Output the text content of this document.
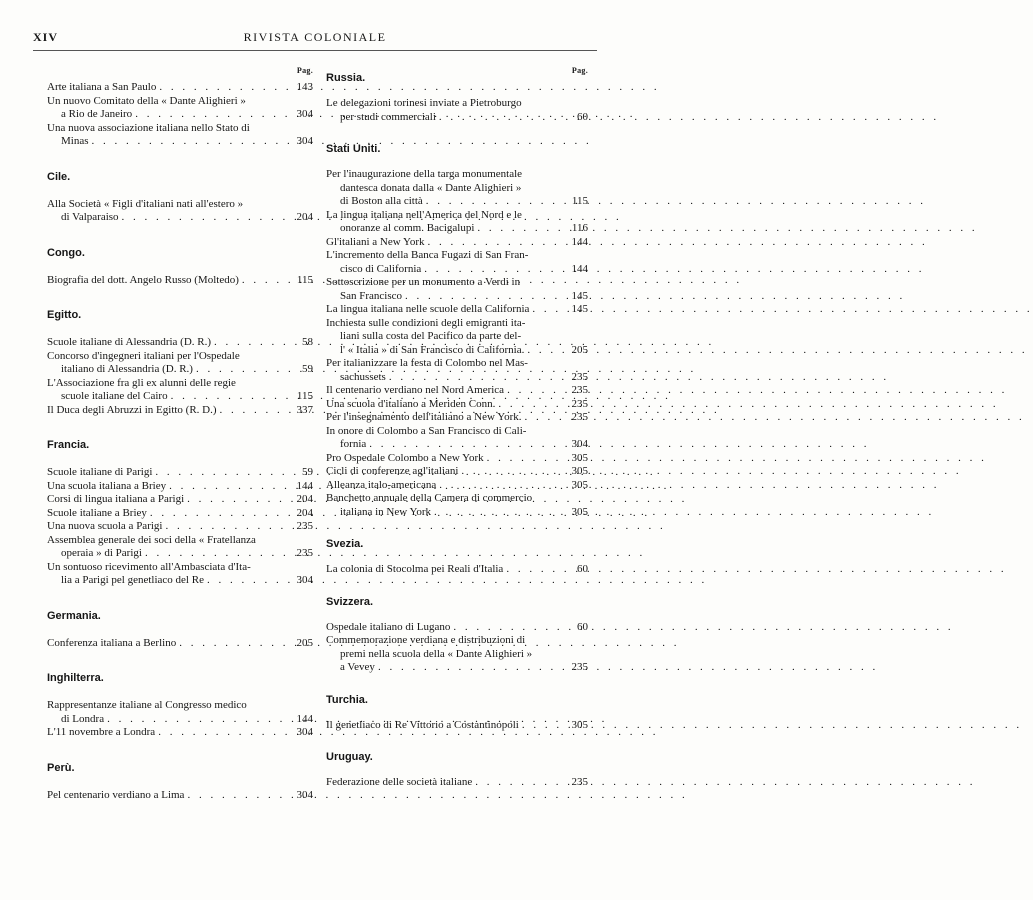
XIV	RIVISTA COLONIALE
Pag.
Arte italiana a San Paulo . . .	143
Un nuovo Comitato della « Dante Alighieri »
a Rio de Janeiro . . .	304
Una nuova associazione italiana nello Stato di
Minas . . .	304
Cile.
Alla Società « Figli d'italiani nati all'estero »
di Valparaiso . . .	204
Congo.
Biografia del dott. Angelo Russo (Moltedo) . . .	115
Egitto.
Scuole italiane di Alessandria (D. R.) . . .	58
Concorso d'ingegneri italiani per l'Ospedale
italiano di Alessandria (D. R.) . . .	59
L'Associazione fra gli ex alunni delle regie
scuole italiane del Cairo . . .	115
Il Duca degli Abruzzi in Egitto (R. D.) . . .	337
Francia.
Scuole italiane di Parigi . . .	59
Una scuola italiana a Briey . . .	144
Corsi di lingua italiana a Parigi . . .	204
Scuole italiane a Briey . . .	204
Una nuova scuola a Parigi . . .	235
Assemblea generale dei soci della « Fratellanza
operaia » di Parigi . . .	235
Un sontuoso ricevimento all'Ambasciata d'Ita-
lia a Parigi pel genetliaco del Re . . .	304
Germania.
Conferenza italiana a Berlino . . .	205
Inghilterra.
Rappresentanze italiane al Congresso medico
di Londra . . .	144
L'11 novembre a Londra . . .	304
Perù.
Pel centenario verdiano a Lima . . .	304
Pag.
Russia.
Le delegazioni torinesi inviate a Pietroburgo
per studi commerciali . . .	60
Stati Uniti.
Per l'inaugurazione della targa monumentale
dantesca donata dalla « Dante Alighieri »
di Boston alla città . . .	115
La lingua italiana nell'America del Nord e le
onoranze al comm. Bacigalupi . . .	116
Gl'italiani a New York . . .	144
L'incremento della Banca Fugazi di San Fran-
cisco di California . . .	144
Sottoscrizione per un monumento a Verdi in
San Francisco . . .	145
La lingua italiana nelle scuole della California . . .	145
Inchiesta sulle condizioni degli emigranti ita-
liani sulla costa del Pacifico da parte del-
l' « Italia » di San Francisco di California. . . .	205
Per italianizzare la festa di Colombo nel Mas-
sachussets . . .	235
Il centenario verdiano nel Nord America . . .	235
Una scuola d'italiano a Meriden Conn. . . .	235
Per l'insegnamento dell'italiano a New York. . . .	235
In onore di Colombo a San Francisco di Cali-
fornia . . .	304
Pro Ospedale Colombo a New York . . .	305
Cicli di conferenze agl'italiani . . .	305
Alleanza italo-americana . . .	305
Banchetto annuale della Camera di commercio
italiana in New York . . .	305
Svezia.
La colonia di Stocolma pei Reali d'Italia . . .	60
Svizzera.
Ospedale italiano di Lugano . . .	60
Commemorazione verdiana e distribuzioni di
premi nella scuola della « Dante Alighieri »
a Vevey . . .	235
Turchia.
Il genetliaco di Re Vittorio a Costantinopoli . . .	305
Uruguay.
Federazione delle società italiane . . .	235
